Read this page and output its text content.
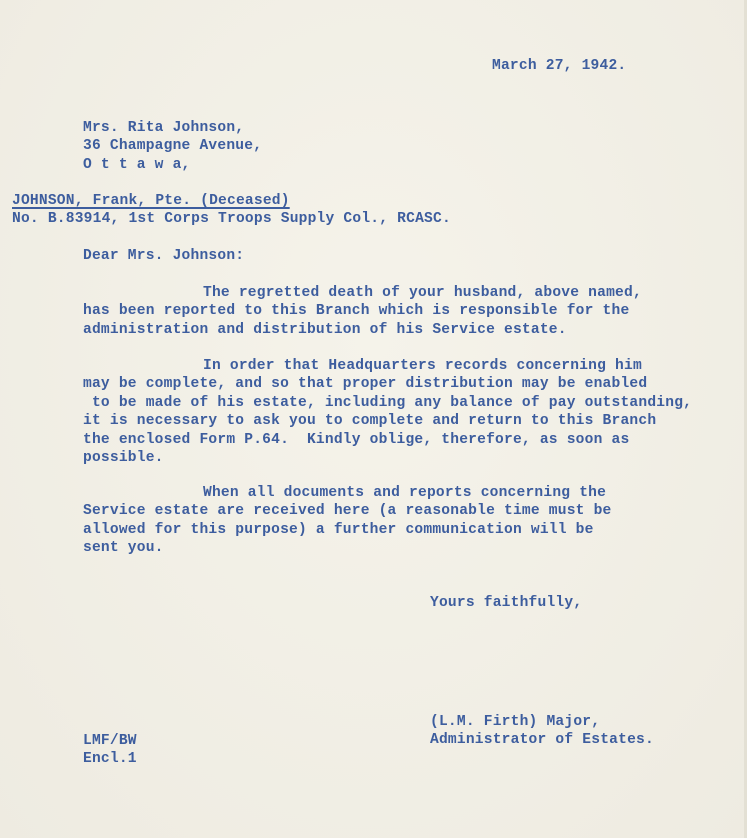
March 27, 1942.
Mrs. Rita Johnson,
36 Champagne Avenue,
O t t a w a,
JOHNSON, Frank, Pte. (Deceased)
No. B.83914, 1st Corps Troops Supply Col., RCASC.
Dear Mrs. Johnson:
The regretted death of your husband, above named,
has been reported to this Branch which is responsible for the
administration and distribution of his Service estate.
In order that Headquarters records concerning him
may be complete, and so that proper distribution may be enabled
to be made of his estate, including any balance of pay outstanding,
it is necessary to ask you to complete and return to this Branch
the enclosed Form P.64.  Kindly oblige, therefore, as soon as
possible.
When all documents and reports concerning the
Service estate are received here (a reasonable time must be
allowed for this purpose) a further communication will be
sent you.
Yours faithfully,
(L.M. Firth) Major,
Administrator of Estates.
LMF/BW
Encl.1
